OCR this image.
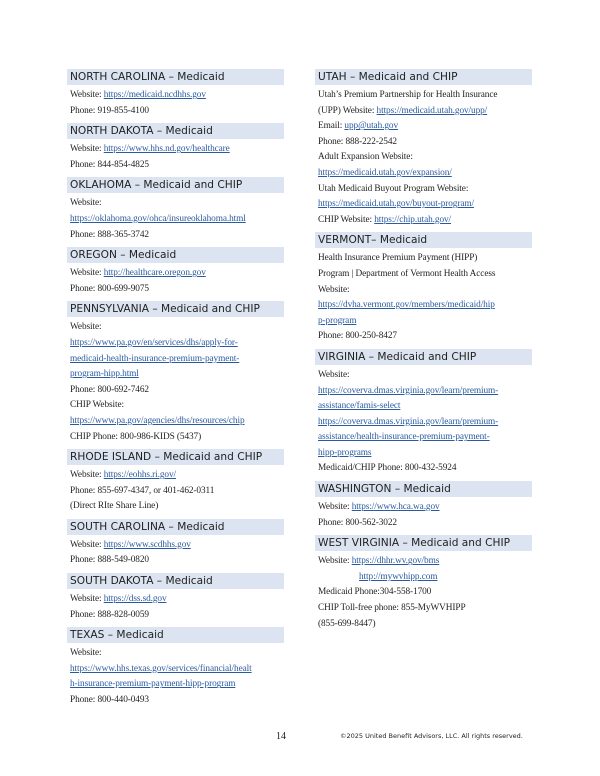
NORTH CAROLINA – Medicaid
Website: https://medicaid.ncdhhs.gov
Phone: 919-855-4100
NORTH DAKOTA – Medicaid
Website: https://www.hhs.nd.gov/healthcare
Phone: 844-854-4825
OKLAHOMA – Medicaid and CHIP
Website:
https://oklahoma.gov/ohca/insureoklahoma.html
Phone: 888-365-3742
OREGON – Medicaid
Website: http://healthcare.oregon.gov
Phone: 800-699-9075
PENNSYLVANIA – Medicaid and CHIP
Website:
https://www.pa.gov/en/services/dhs/apply-for-
medicaid-health-insurance-premium-payment-
program-hipp.html
Phone: 800-692-7462
CHIP Website:
https://www.pa.gov/agencies/dhs/resources/chip
CHIP Phone: 800-986-KIDS (5437)
RHODE ISLAND – Medicaid and CHIP
Website: https://eohhs.ri.gov/
Phone: 855-697-4347, or 401-462-0311
(Direct RIte Share Line)
SOUTH CAROLINA – Medicaid
Website: https://www.scdhhs.gov
Phone: 888-549-0820
SOUTH DAKOTA – Medicaid
Website: https://dss.sd.gov
Phone: 888-828-0059
TEXAS – Medicaid
Website:
https://www.hhs.texas.gov/services/financial/healt
h-insurance-premium-payment-hipp-program
Phone: 800-440-0493
UTAH – Medicaid and CHIP
Utah’s Premium Partnership for Health Insurance
(UPP) Website: https://medicaid.utah.gov/upp/
Email: upp@utah.gov
Phone: 888-222-2542
Adult Expansion Website:
https://medicaid.utah.gov/expansion/
Utah Medicaid Buyout Program Website:
https://medicaid.utah.gov/buyout-program/
CHIP Website: https://chip.utah.gov/
VERMONT– Medicaid
Health Insurance Premium Payment (HIPP)
Program | Department of Vermont Health Access
Website:
https://dvha.vermont.gov/members/medicaid/hip
p-program
Phone: 800-250-8427
VIRGINIA – Medicaid and CHIP
Website:
https://coverva.dmas.virginia.gov/learn/premium-
assistance/famis-select
https://coverva.dmas.virginia.gov/learn/premium-
assistance/health-insurance-premium-payment-
hipp-programs
Medicaid/CHIP Phone: 800-432-5924
WASHINGTON – Medicaid
Website: https://www.hca.wa.gov
Phone: 800-562-3022
WEST VIRGINIA – Medicaid and CHIP
Website: https://dhhr.wv.gov/bms
http://mywvhipp.com
Medicaid Phone:304-558-1700
CHIP Toll-free phone: 855-MyWVHIPP
(855-699-8447)
14	©2025 United Benefit Advisors, LLC. All rights reserved.
